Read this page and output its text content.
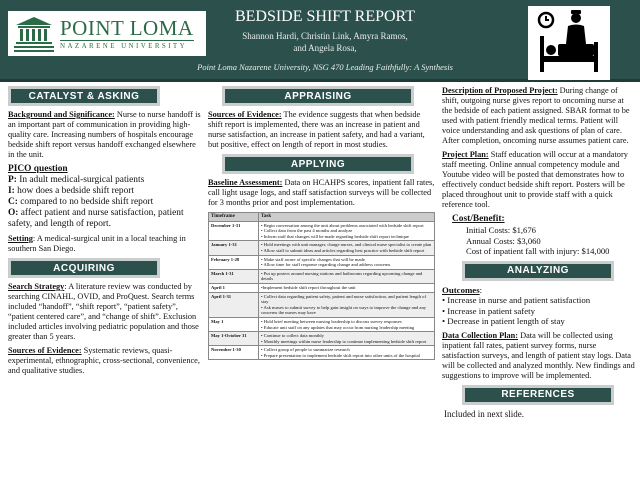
POINT LOMA
NAZARENE UNIVERSITY
BEDSIDE SHIFT REPORT
Shannon Hardi, Christin Link, Amyra Ramos,
and Angela Rosa,
Point Loma Nazarene University, NSG 470 Leading Faithfully: A Synthesis
CATALYST & ASKING
Background and Significance: Nurse to nurse handoff is an important part of communication in providing high-quality care. Increasing numbers of hospitals encourage bedside shift report versus handoff exchanged elsewhere in the unit.
PICO question
P: In adult medical-surgical patients
I: how does a bedside shift report
C: compared to no bedside shift report
O: affect patient and nurse satisfaction, patient safety, and length of report.
Setting: A medical-surgical unit in a local teaching in southern San Diego.
ACQUIRING
Search Strategy: A literature review was conducted by searching CINAHL, OVID, and ProQuest. Search terms included “handoff”, “shift report”, “patient safety”, “patient centered care”, and “change of shift”. Exclusion included articles involving pediatric population and those greater than 5 years.
Sources of Evidence: Systematic reviews, quasi-experimental, ethnographic, cross-sectional, convenience, and qualitative studies.
APPRAISING
Sources of Evidence: The evidence suggests that when bedside shift report is implemented, there was an increase in patient and nurse satisfaction, an increase in patient safety, and had a variant, but positive, effect on length of report in most studies.
APPLYING
Baseline Assessment: Data on HCAHPS scores, inpatient fall rates, call light usage logs, and staff satisfaction surveys will be collected for 3 months prior and post implementation.
Timeframe	Task
December 1-31	• Begin conversation among the unit about problems associated with bedside shift report
• Collect data from the past 4 months and analyze
• Inform staff that changes will be made regarding bedside shift report technique
January 1-31	• Hold meetings with unit manager, charge nurses, and clinical nurse specialist to create plan
• Allow staff to submit ideas and articles regarding best practice with bedside shift report
February 1-28	• Make staff aware of specific changes that will be made
• Allow time for staff response regarding change and address concerns
March 1-31	• Put up posters around nursing stations and bathrooms regarding upcoming change and details
April 1	•Implement bedside shift report throughout the unit
April 1-31	• Collect data regarding patient safety, patient and nurse satisfaction, and patient length of stay
• Ask nurses to submit survey to help gain insight on ways to improve the change and any concerns the nurses may have
May 1	• Hold brief meeting between nursing leadership to discuss survey responses
• Educate unit staff on any updates that may occur from nursing leadership meeting
May 1-October 31	• Continue to collect data monthly
• Monthly meetings within nurse leadership to continue implementing bedside shift report
November 1-30	• Collect group of people to summarize research
• Prepare presentation to implement bedside shift report into other units of the hospital
Description of Proposed Project: During change of shift, outgoing nurse gives report to oncoming nurse at the bedside of each patient assigned. SBAR format to be used with patient friendly medical terms. Patient will voice understanding and ask questions of plan of care. After completion, oncoming nurse assumes patient care.
Project Plan: Staff education will occur at a mandatory staff meeting. Online annual competency module and Youtube video will be posted that demonstrates how to effectively conduct bedside shift report. Posters will be placed throughout unit to provide staff with a quick reference tool.
Cost/Benefit:
Initial Costs: $1,676
Annual Costs: $3,060
Cost of inpatient fall with injury: $14,000
ANALYZING
Outcomes:
• Increase in nurse and patient satisfaction
• Increase in patient safety
• Decrease in patient length of stay
Data Collection Plan: Data will be collected using inpatient fall rates, patient survey forms, nurse satisfaction surveys, and length of patient stay logs. Data will be collected and analyzed monthly. New findings and suggestions to improve will be implemented.
REFERENCES
Included in next slide.
